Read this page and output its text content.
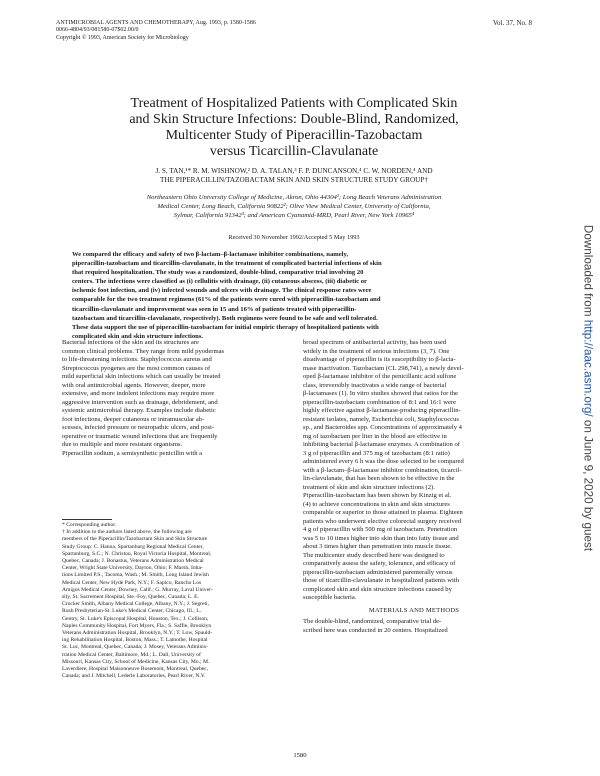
ANTIMICROBIAL AGENTS AND CHEMOTHERAPY, Aug. 1993, p. 1580-1586	Vol. 37, No. 8
0066-4804/93/081580-07$02.00/0
Copyright © 1993, American Society for Microbiology
Treatment of Hospitalized Patients with Complicated Skin
and Skin Structure Infections: Double-Blind, Randomized,
Multicenter Study of Piperacillin-Tazobactam
versus Ticarcillin-Clavulanate
J. S. TAN,¹* R. M. WISHNOW,² D. A. TALAN,³ F. P. DUNCANSON,⁴ C. W. NORDEN,⁴ AND
THE PIPERACILLIN/TAZOBACTAM SKIN AND SKIN STRUCTURE STUDY GROUP†
Northeastern Ohio University College of Medicine, Akron, Ohio 44304¹; Long Beach Veterans Administration
Medical Center, Long Beach, California 90822²; Olive View Medical Center, University of California,
Sylmar, California 91342³; and American Cyanamid-MRD, Pearl River, New York 10965⁴
Received 30 November 1992/Accepted 5 May 1993
We compared the efficacy and safety of two β-lactam–β-lactamase inhibitor combinations, namely,
piperacillin-tazobactam and ticarcillin-clavulanate, in the treatment of complicated bacterial infections of skin
that required hospitalization. The study was a randomized, double-blind, comparative trial involving 20
centers. The infections were classified as (i) cellulitis with drainage, (ii) cutaneous abscess, (iii) diabetic or
ischemic foot infection, and (iv) infected wounds and ulcers with drainage. The clinical response rates were
comparable for the two treatment regimens (61% of the patients were cured with piperacillin-tazobactam and
ticarcillin-clavulanate and improvement was seen in 15 and 16% of patients treated with piperacillin-
tazobactam and ticarcillin-clavulanate, respectively). Both regimens were found to be safe and well tolerated.
These data support the use of piperacillin-tazobactam for initial empiric therapy of hospitalized patients with
complicated skin and skin structure infections.
Bacterial infections of the skin and its structures are
common clinical problems. They range from mild pyodermas
to life-threatening infections. Staphylococcus aureus and
Streptococcus pyogenes are the most common causes of
mild superficial skin infections which can usually be treated
with oral antimicrobial agents. However, deeper, more
extensive, and more indolent infections may require more
aggressive intervention such as drainage, debridement, and
systemic antimicrobial therapy. Examples include diabetic
foot infections, deeper cutaneous or intramuscular ab-
scesses, infected pressure or neuropathic ulcers, and post-
operative or traumatic wound infections that are frequently
due to multiple and more resistant organisms.
Piperacillin sodium, a semisynthetic penicillin with a
* Corresponding author.
† In addition to the authors listed above, the following are
members of the Piperacillin/Tazobactam Skin and Skin Structure
Study Group: C. Hanna, Spartanburg Regional Medical Center,
Spartanburg, S.C.; N. Christou, Royal Victoria Hospital, Montreal,
Quebec, Canada; J. Bonastus, Veterans Administration Medical
Center, Wright State University, Dayton, Ohio; F. Marsh, Inha-
tions Limited P.S., Tacoma, Wash.; M. Smith, Long Island Jewish
Medical Center, New Hyde Park, N.Y.; F. Sapico, Rancho Los
Amigos Medical Center, Downey, Calif.; G. Murray, Laval Univer-
sity, St. Sacrement Hospital, Ste.-Foy, Quebec, Canada; L. E.
Crocker Smith, Albany Medical College, Albany, N.Y.; J. Segreti,
Rush Presbyterian-St. Luke's Medical Center, Chicago, Ill.; L.
Gentry, St. Luke's Episcopal Hospital, Houston, Tex.; J. Collison,
Naples Community Hospital, Fort Myers, Fla.; S. Saffie, Brooklyn
Veterans Administration Hospital, Brooklyn, N.Y.; T. Low, Spauld-
ing Rehabilitation Hospital, Boston, Mass.; T. Lamothe, Hospital
St. Luc, Montreal, Quebec, Canada; J. Mosey, Veterans Adminis-
tration Medical Center, Baltimore, Md.; L. Dall, University of
Missouri, Kansas City, School of Medicine, Kansas City, Mo.; M.
Laverdiere, Hospital Maisonneuve Rosemont, Montreal, Quebec,
Canada; and J. Mitchell, Lederle Laboratories, Pearl River, N.Y.
broad spectrum of antibacterial activity, has been used
widely in the treatment of serious infections (3, 7). One
disadvantage of piperacillin is its susceptibility to β-lacta-
mase inactivation. Tazobactam (CL 298,741), a newly devel-
oped β-lactamase inhibitor of the penicillanic acid sulfone
class, irreversibly inactivates a wide range of bacterial
β-lactamases (1). In vitro studies showed that ratios for the
piperacillin-tazobactam combination of 8:1 and 16:1 were
highly effective against β-lactamase-producing piperacillin-
resistant isolates, namely, Escherichia coli, Staphylococcus
sp., and Bacteroides spp. Concentrations of approximately 4
mg of tazobactam per liter in the blood are effective in
inhibiting bacterial β-lactamase enzymes. A combination of
3 g of piperacillin and 375 mg of tazobactam (8:1 ratio)
administered every 6 h was the dose selected to be compared
with a β-lactam–β-lactamase inhibitor combination, ticarcil-
lin-clavulanate, that has been shown to be effective in the
treatment of skin and skin structure infections (2).
Piperacillin-tazobactam has been shown by Kinzig et al.
(4) to achieve concentrations in skin and skin structures
comparable or superior to those attained in plasma. Eighteen
patients who underwent elective colorectal surgery received
4 g of piperacillin with 500 mg of tazobactam. Penetration
was 5 to 10 times higher into skin than into fatty tissue and
about 3 times higher than penetration into muscle tissue.
The multicenter study described here was designed to
comparatively assess the safety, tolerance, and efficacy of
piperacillin-tazobactam administered parenterally versus
those of ticarcillin-clavulanate in hospitalized patients with
complicated skin and skin structure infections caused by
susceptible bacteria.
MATERIALS AND METHODS
The double-blind, randomized, comparative trial de-
scribed here was conducted in 20 centers. Hospitalized
1580
Downloaded from http://aac.asm.org/ on June 9, 2020 by guest
